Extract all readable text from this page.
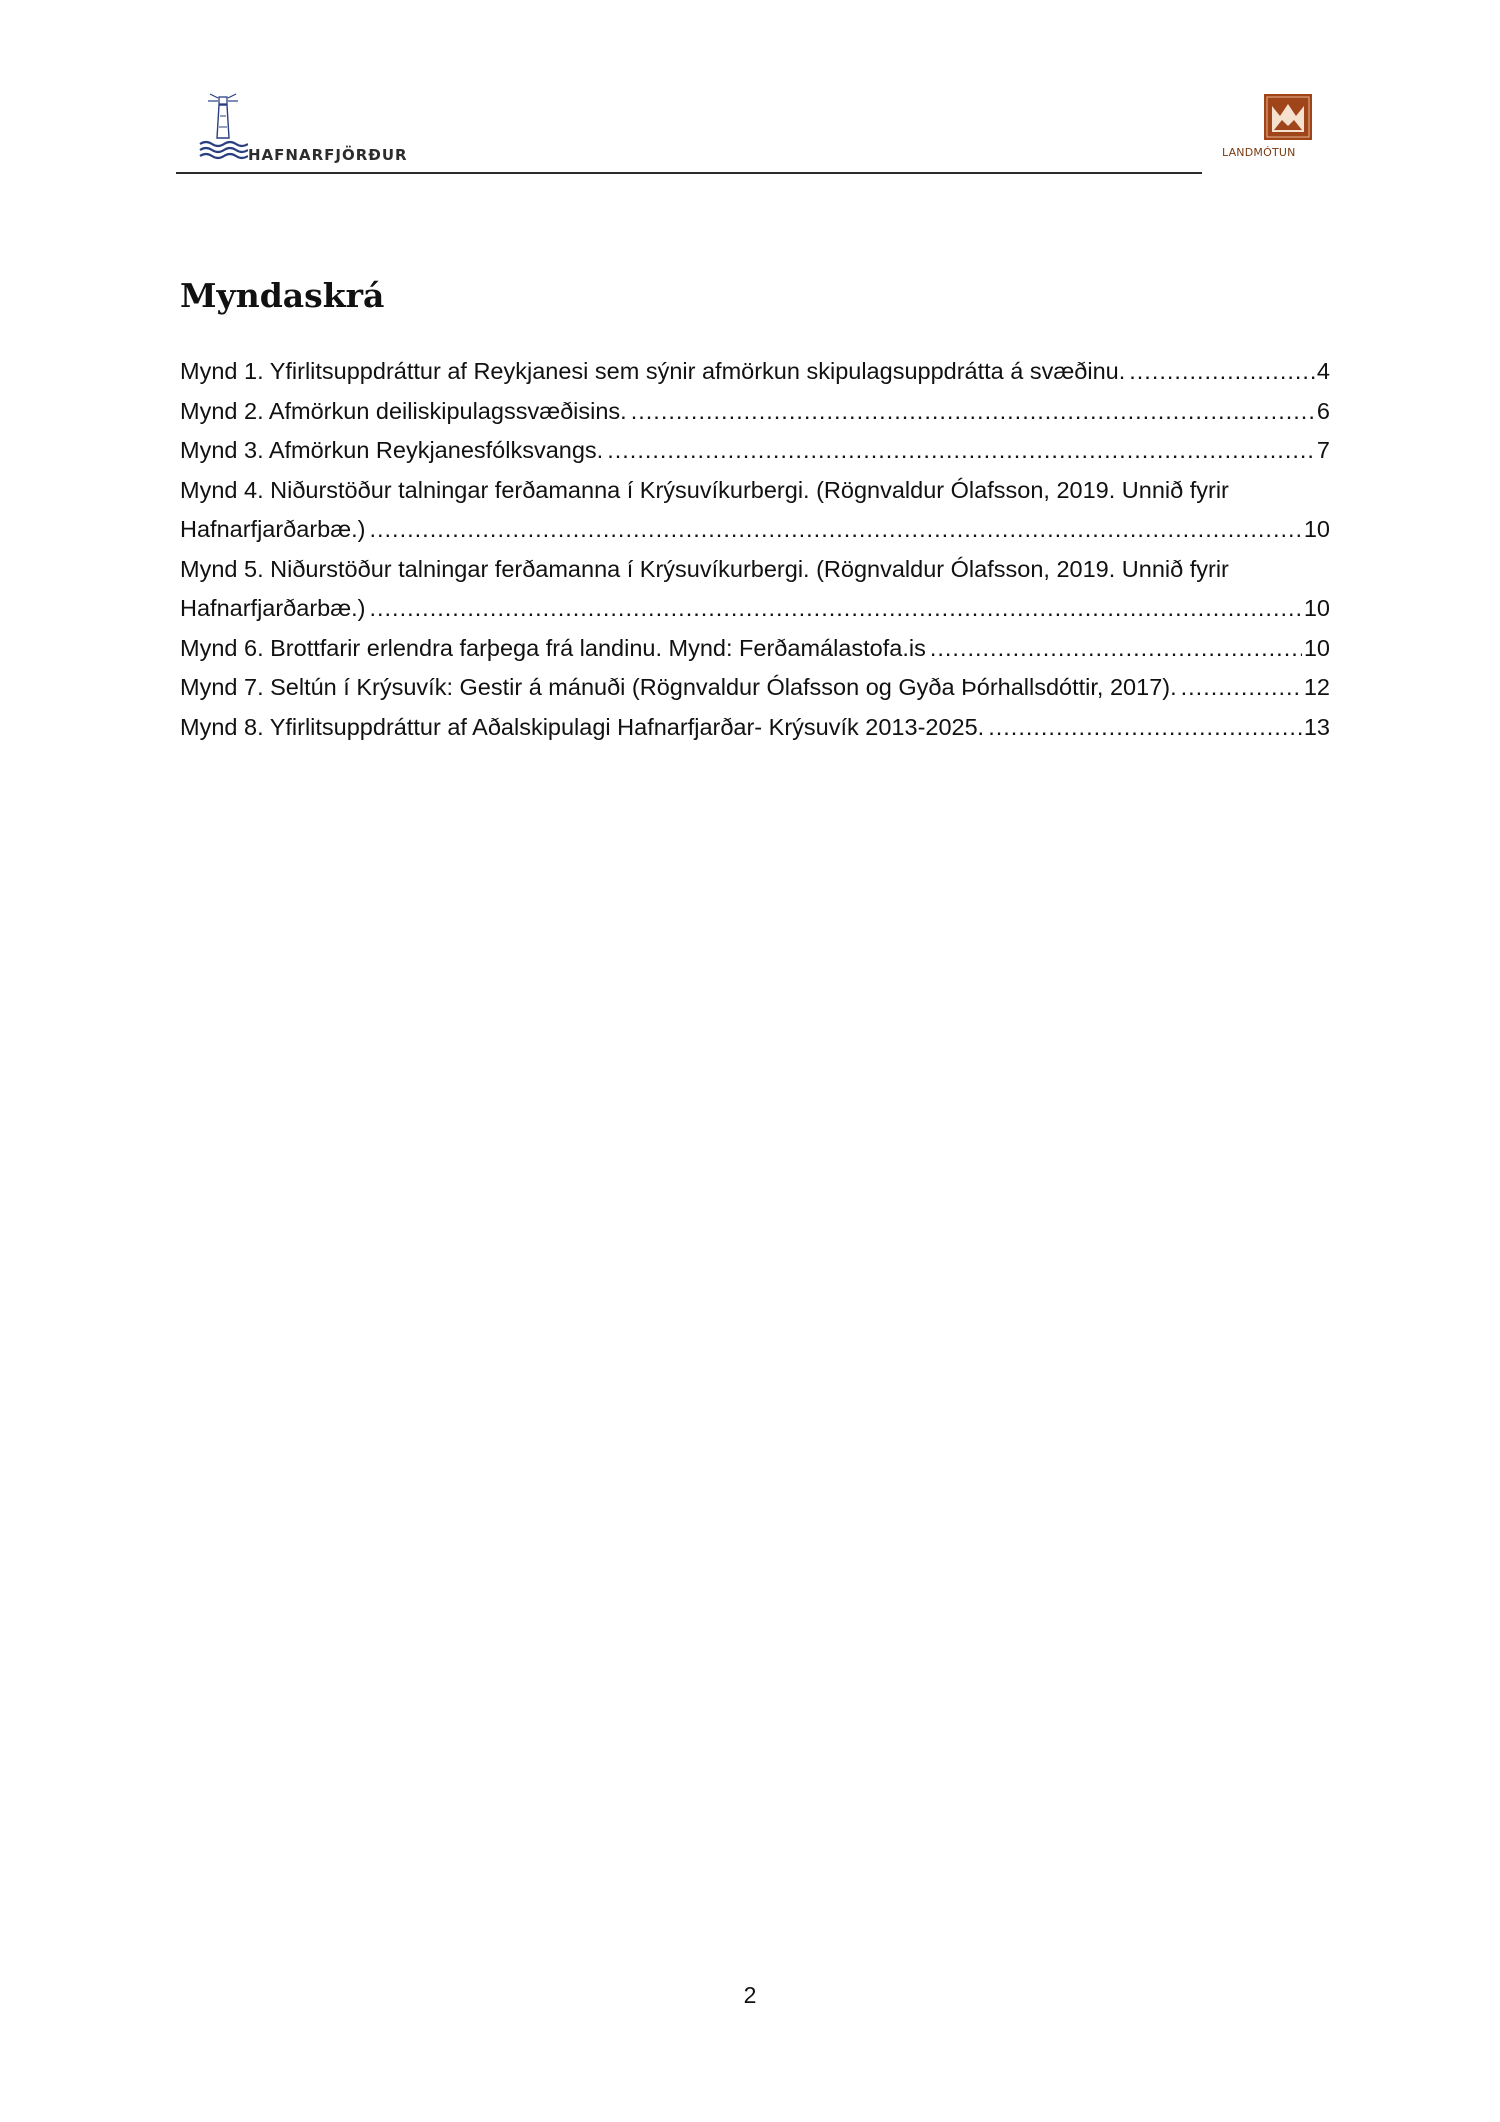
HAFNARFJÖRÐUR	LANDMÓTUN
Myndaskrá
Mynd 1. Yfirlitsuppdráttur af Reykjanesi sem sýnir afmörkun skipulagsuppdrátta á svæðinu. .....	4
Mynd 2. Afmörkun deiliskipulagssvæðisins. .....	6
Mynd 3. Afmörkun Reykjanesfólksvangs. .....	7
Mynd 4. Niðurstöður talningar ferðamanna í Krýsuvíkurbergi. (Rögnvaldur Ólafsson, 2019. Unnið fyrir
Hafnarfjarðarbæ.) .....	10
Mynd 5. Niðurstöður talningar ferðamanna í Krýsuvíkurbergi. (Rögnvaldur Ólafsson, 2019. Unnið fyrir
Hafnarfjarðarbæ.) .....	10
Mynd 6. Brottfarir erlendra farþega frá landinu. Mynd: Ferðamálastofa.is .....	10
Mynd 7. Seltún í Krýsuvík: Gestir á mánuði (Rögnvaldur Ólafsson og Gyða Þórhallsdóttir, 2017). .....	12
Mynd 8. Yfirlitsuppdráttur af Aðalskipulagi Hafnarfjarðar- Krýsuvík 2013-2025. .....	13
2
